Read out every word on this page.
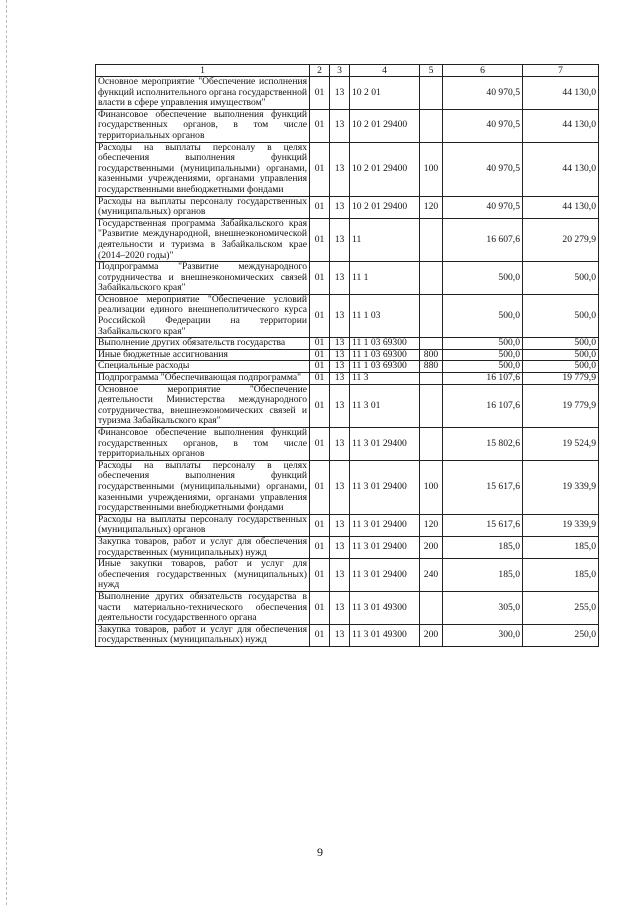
1	2	3	4	5	6	7
Основное мероприятие "Обеспечение исполнения функций исполнительного органа государственной власти в сфере управления имуществом"	01	13	10 2 01		40 970,5	44 130,0
Финансовое обеспечение выполнения функций государственных органов, в том числе территориальных органов	01	13	10 2 01 29400		40 970,5	44 130,0
Расходы на выплаты персоналу в целях обеспечения выполнения функций государственными (муниципальными) органами, казенными учреждениями, органами управления государственными внебюджетными фондами	01	13	10 2 01 29400	100	40 970,5	44 130,0
Расходы на выплаты персоналу государственных (муниципальных) органов	01	13	10 2 01 29400	120	40 970,5	44 130,0
Государственная программа Забайкальского края "Развитие международной, внешнеэкономической деятельности и туризма в Забайкальском крае (2014–2020 годы)"	01	13	11		16 607,6	20 279,9
Подпрограмма "Развитие международного сотрудничества и внешнеэкономических связей Забайкальского края"	01	13	11 1		500,0	500,0
Основное мероприятие "Обеспечение условий реализации единого внешнеполитического курса Российской Федерации на территории Забайкальского края"	01	13	11 1 03		500,0	500,0
Выполнение других обязательств государства	01	13	11 1 03 69300		500,0	500,0
Иные бюджетные ассигнования	01	13	11 1 03 69300	800	500,0	500,0
Специальные расходы	01	13	11 1 03 69300	880	500,0	500,0
Подпрограмма "Обеспечивающая подпрограмма"	01	13	11 3		16 107,6	19 779,9
Основное мероприятие "Обеспечение деятельности Министерства международного сотрудничества, внешнеэкономических связей и туризма Забайкальского края"	01	13	11 3 01		16 107,6	19 779,9
Финансовое обеспечение выполнения функций государственных органов, в том числе территориальных органов	01	13	11 3 01 29400		15 802,6	19 524,9
Расходы на выплаты персоналу в целях обеспечения выполнения функций государственными (муниципальными) органами, казенными учреждениями, органами управления государственными внебюджетными фондами	01	13	11 3 01 29400	100	15 617,6	19 339,9
Расходы на выплаты персоналу государственных (муниципальных) органов	01	13	11 3 01 29400	120	15 617,6	19 339,9
Закупка товаров, работ и услуг для обеспечения государственных (муниципальных) нужд	01	13	11 3 01 29400	200	185,0	185,0
Иные закупки товаров, работ и услуг для обеспечения государственных (муниципальных) нужд	01	13	11 3 01 29400	240	185,0	185,0
Выполнение других обязательств государства в части материально-технического обеспечения деятельности государственного органа	01	13	11 3 01 49300		305,0	255,0
Закупка товаров, работ и услуг для обеспечения государственных (муниципальных) нужд	01	13	11 3 01 49300	200	300,0	250,0
9
